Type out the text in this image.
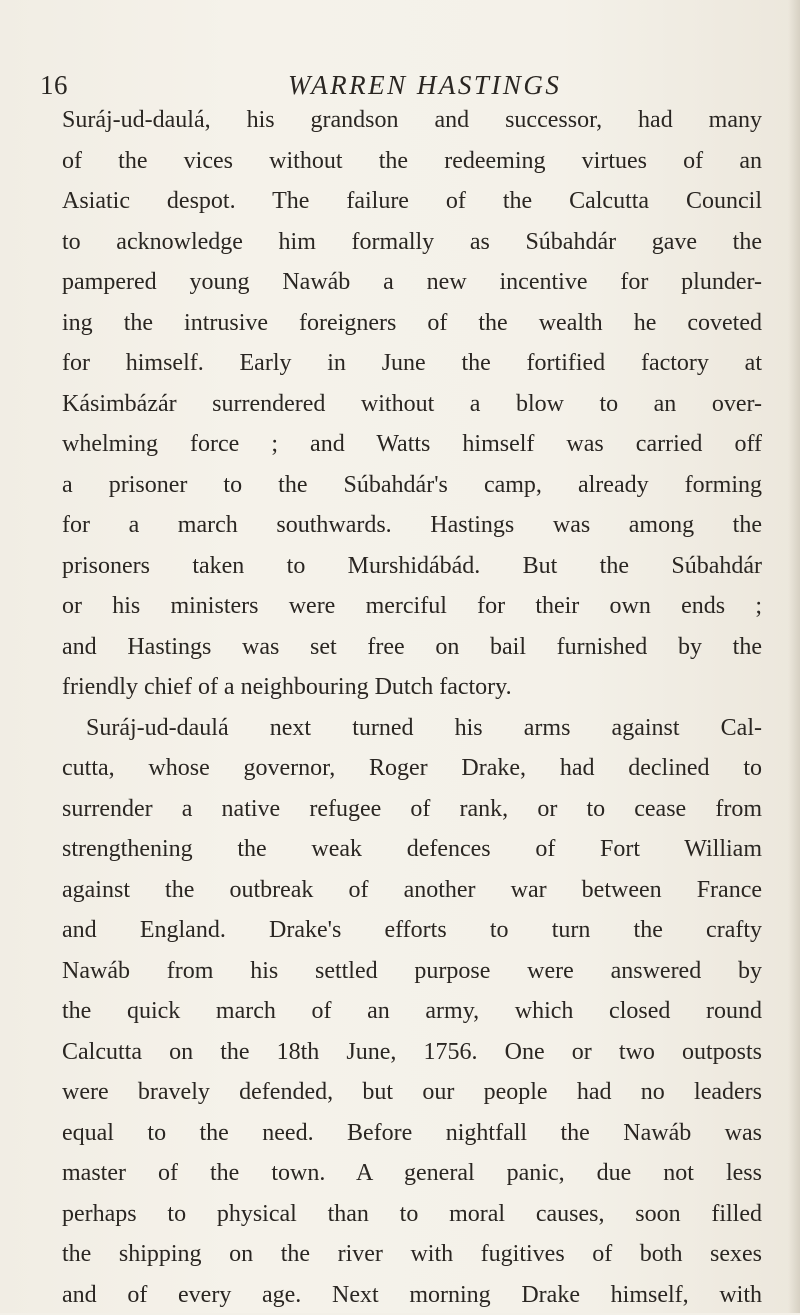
16	WARREN HASTINGS
Suráj-ud-daulá, his grandson and successor, had many
of the vices without the redeeming virtues of an
Asiatic despot. The failure of the Calcutta Council
to acknowledge him formally as Súbahdár gave the
pampered young Nawáb a new incentive for plunder-
ing the intrusive foreigners of the wealth he coveted
for himself. Early in June the fortified factory at
Kásimbázár surrendered without a blow to an over-
whelming force ; and Watts himself was carried off
a prisoner to the Súbahdár's camp, already forming
for a march southwards. Hastings was among the
prisoners taken to Murshidábád. But the Súbahdár
or his ministers were merciful for their own ends ;
and Hastings was set free on bail furnished by the
friendly chief of a neighbouring Dutch factory.
Suráj-ud-daulá next turned his arms against Cal-
cutta, whose governor, Roger Drake, had declined to
surrender a native refugee of rank, or to cease from
strengthening the weak defences of Fort William
against the outbreak of another war between France
and England. Drake's efforts to turn the crafty
Nawáb from his settled purpose were answered by
the quick march of an army, which closed round
Calcutta on the 18th June, 1756. One or two outposts
were bravely defended, but our people had no leaders
equal to the need. Before nightfall the Nawáb was
master of the town. A general panic, due not less
perhaps to physical than to moral causes, soon filled
the shipping on the river with fugitives of both sexes
and of every age. Next morning Drake himself, with
